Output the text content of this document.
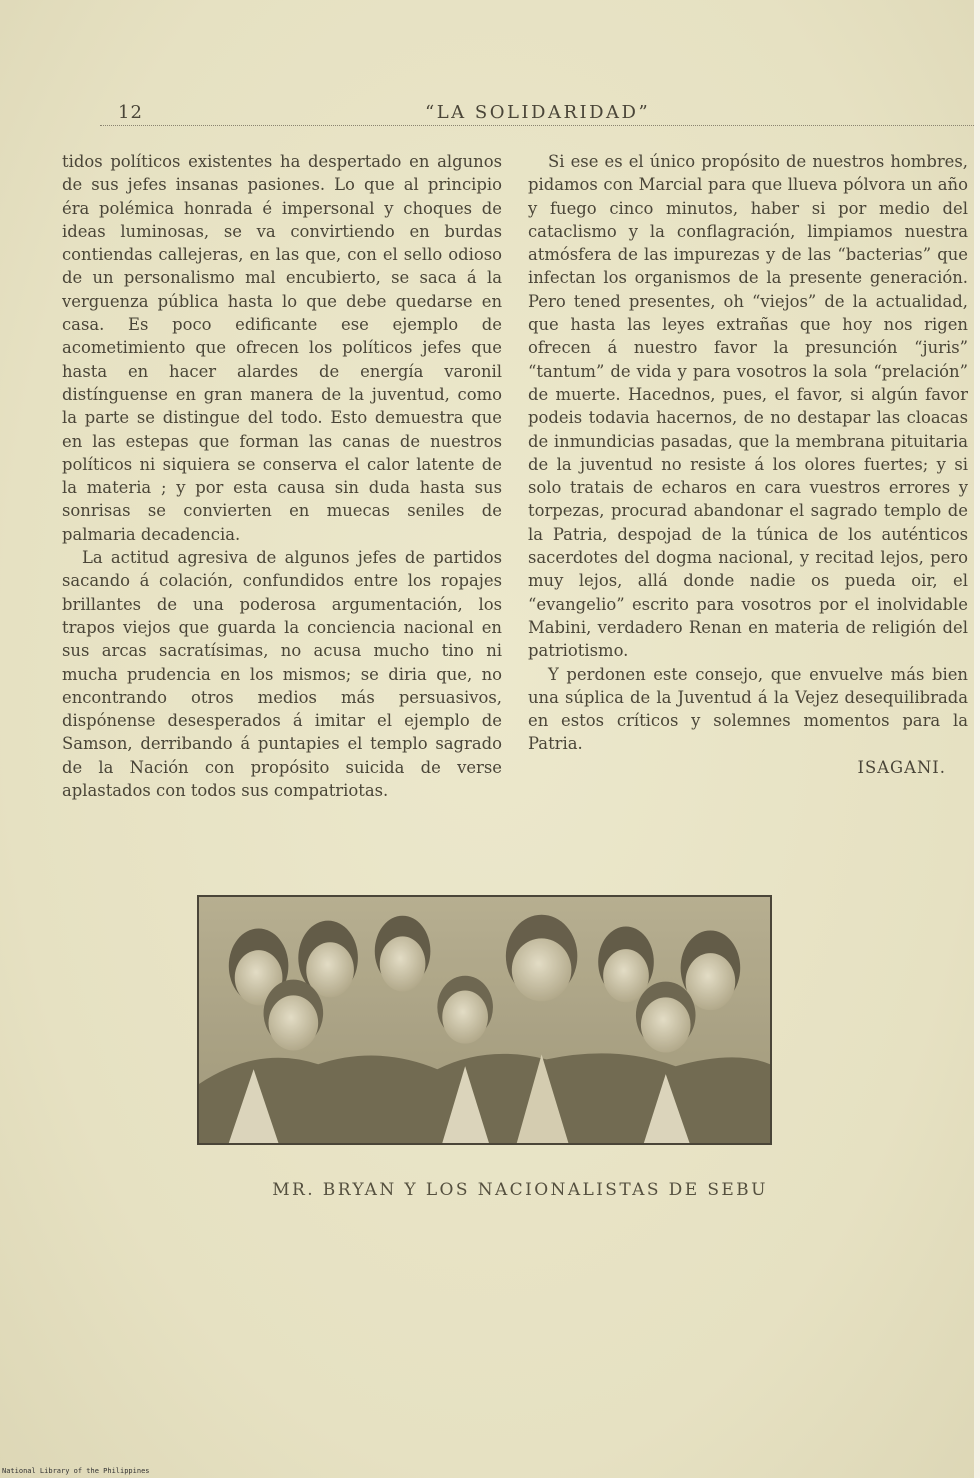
12	“LA SOLIDARIDAD”

tidos políticos existentes ha despertado en algunos de sus jefes insanas pasiones. Lo que al principio éra polémica honrada é impersonal y choques de ideas luminosas, se va convirtiendo en burdas contiendas callejeras, en las que, con el sello odioso de un personalismo mal encubierto, se saca á la verguenza pública hasta lo que debe quedarse en casa. Es poco edificante ese ejemplo de acometimiento que ofrecen los políticos jefes que hasta en hacer alardes de energía varonil distínguense en gran manera de la juventud, como la parte se distingue del todo. Esto demuestra que en las estepas que forman las canas de nuestros políticos ni siquiera se conserva el calor latente de la materia ; y por esta causa sin duda hasta sus sonrisas se convierten en muecas seniles de palmaria decadencia.

La actitud agresiva de algunos jefes de partidos sacando á colación, confundidos entre los ropajes brillantes de una poderosa argumentación, los trapos viejos que guarda la conciencia nacional en sus arcas sacratísimas, no acusa mucho tino ni mucha prudencia en los mismos; se diria que, no encontrando otros medios más persuasivos, dispónense desesperados á imitar el ejemplo de Samson, derribando á puntapies el templo sagrado de la Nación con propósito suicida de verse aplastados con todos sus compatriotas.

Si ese es el único propósito de nuestros hombres, pidamos con Marcial para que llueva pólvora un año y fuego cinco minutos, haber si por medio del cataclismo y la conflagración, limpiamos nuestra atmósfera de las impurezas y de las “bacterias” que infectan los organismos de la presente generación. Pero tened presentes, oh “viejos” de la actualidad, que hasta las leyes extrañas que hoy nos rigen ofrecen á nuestro favor la presunción “juris” “tantum” de vida y para vosotros la sola “prelación” de muerte. Hacednos, pues, el favor, si algún favor podeis todavia hacernos, de no destapar las cloacas de inmundicias pasadas, que la membrana pituitaria de la juventud no resiste á los olores fuertes; y si solo tratais de echaros en cara vuestros errores y torpezas, procurad abandonar el sagrado templo de la Patria, despojad de la túnica de los auténticos sacerdotes del dogma nacional, y recitad lejos, pero muy lejos, allá donde nadie os pueda oir, el “evangelio” escrito para vosotros por el inolvidable Mabini, verdadero Renan en materia de religión del patriotismo.

Y perdonen este consejo, que envuelve más bien una súplica de la Juventud á la Vejez desequilibrada en estos críticos y solemnes momentos para la Patria.

ISAGANI.
MR. BRYAN Y LOS NACIONALISTAS DE SEBU
National Library of the Philippines
